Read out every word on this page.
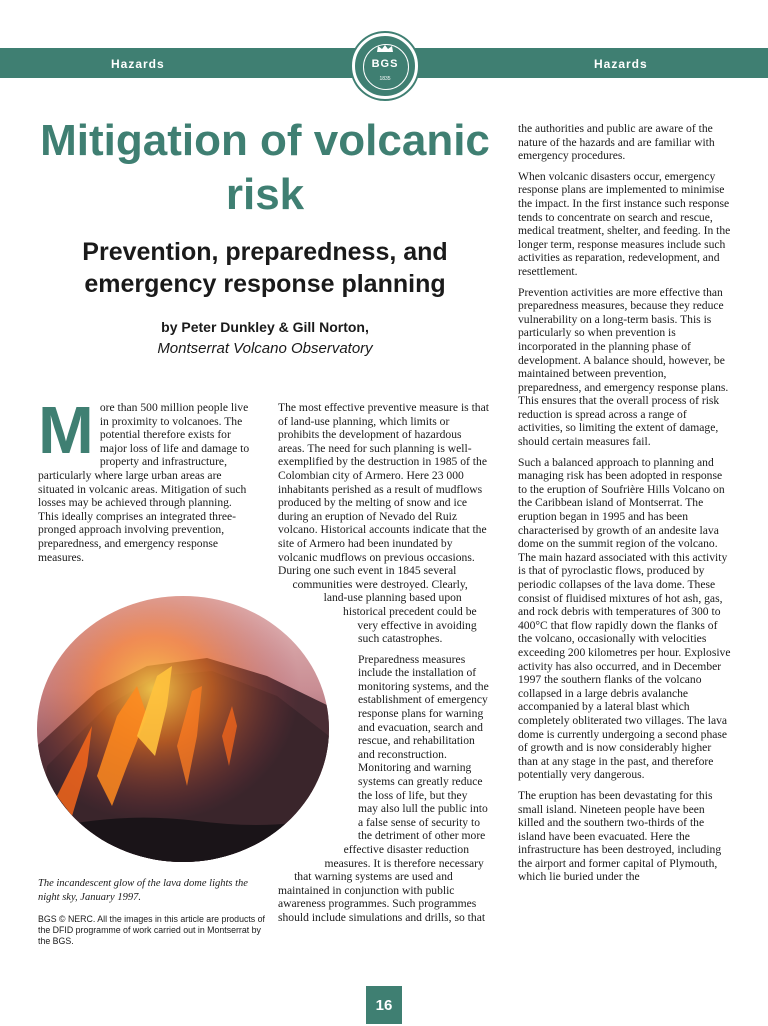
Hazards	Hazards
BGS
1835
Mitigation of volcanic risk
Prevention, preparedness, and emergency response planning
by Peter Dunkley & Gill Norton,
Montserrat Volcano Observatory
M ore than 500 million people live in proximity to volcanoes. The potential therefore exists for major loss of life and damage to property and infrastructure, particularly where large urban areas are situated in volcanic areas. Mitigation of such losses may be achieved through planning. This ideally comprises an integrated three-pronged approach involving prevention, preparedness, and emergency response measures.

The most effective preventive measure is that of land-use planning, which limits or prohibits the development of hazardous areas. The need for such planning is well-exemplified by the destruction in 1985 of the Colombian city of Armero. Here 23 000 inhabitants perished as a result of mudflows produced by the melting of snow and ice during an eruption of Nevado del Ruiz volcano. Historical accounts indicate that the site of Armero had been inundated by volcanic mudflows on previous occasions. During one such event in 1845 several communities were destroyed. Clearly, land-use planning based upon historical precedent could be very effective in avoiding such catastrophes.

Preparedness measures include the installation of monitoring systems, and the establishment of emergency response plans for warning and evacuation, search and rescue, and rehabilitation and reconstruction. Monitoring and warning systems can greatly reduce the loss of life, but they may also lull the public into a false sense of security to the detriment of other more effective disaster reduction measures. It is therefore necessary that warning systems are used and maintained in conjunction with public awareness programmes. Such programmes should include simulations and drills, so that

the authorities and public are aware of the nature of the hazards and are familiar with emergency procedures.

When volcanic disasters occur, emergency response plans are implemented to minimise the impact. In the first instance such response tends to concentrate on search and rescue, medical treatment, shelter, and feeding. In the longer term, response measures include such activities as reparation, redevelopment, and resettlement.

Prevention activities are more effective than preparedness measures, because they reduce vulnerability on a long-term basis. This is particularly so when prevention is incorporated in the planning phase of development. A balance should, however, be maintained between prevention, preparedness, and emergency response plans. This ensures that the overall process of risk reduction is spread across a range of activities, so limiting the extent of damage, should certain measures fail.

Such a balanced approach to planning and managing risk has been adopted in response to the eruption of Soufrière Hills Volcano on the Caribbean island of Montserrat. The eruption began in 1995 and has been characterised by growth of an andesite lava dome on the summit region of the volcano. The main hazard associated with this activity is that of pyroclastic flows, produced by periodic collapses of the lava dome. These consist of fluidised mixtures of hot ash, gas, and rock debris with temperatures of 300 to 400°C that flow rapidly down the flanks of the volcano, occasionally with velocities exceeding 200 kilometres per hour. Explosive activity has also occurred, and in December 1997 the southern flanks of the volcano collapsed in a large debris avalanche accompanied by a lateral blast which completely obliterated two villages. The lava dome is currently undergoing a second phase of growth and is now considerably higher than at any stage in the past, and therefore potentially very dangerous.

The eruption has been devastating for this small island. Nineteen people have been killed and the southern two-thirds of the island have been evacuated. Here the infrastructure has been destroyed, including the airport and former capital of Plymouth, which lie buried under the

The incandescent glow of the lava dome lights the night sky, January 1997.
BGS © NERC. All the images in this article are products of the DFID programme of work carried out in Montserrat by the BGS.
16
